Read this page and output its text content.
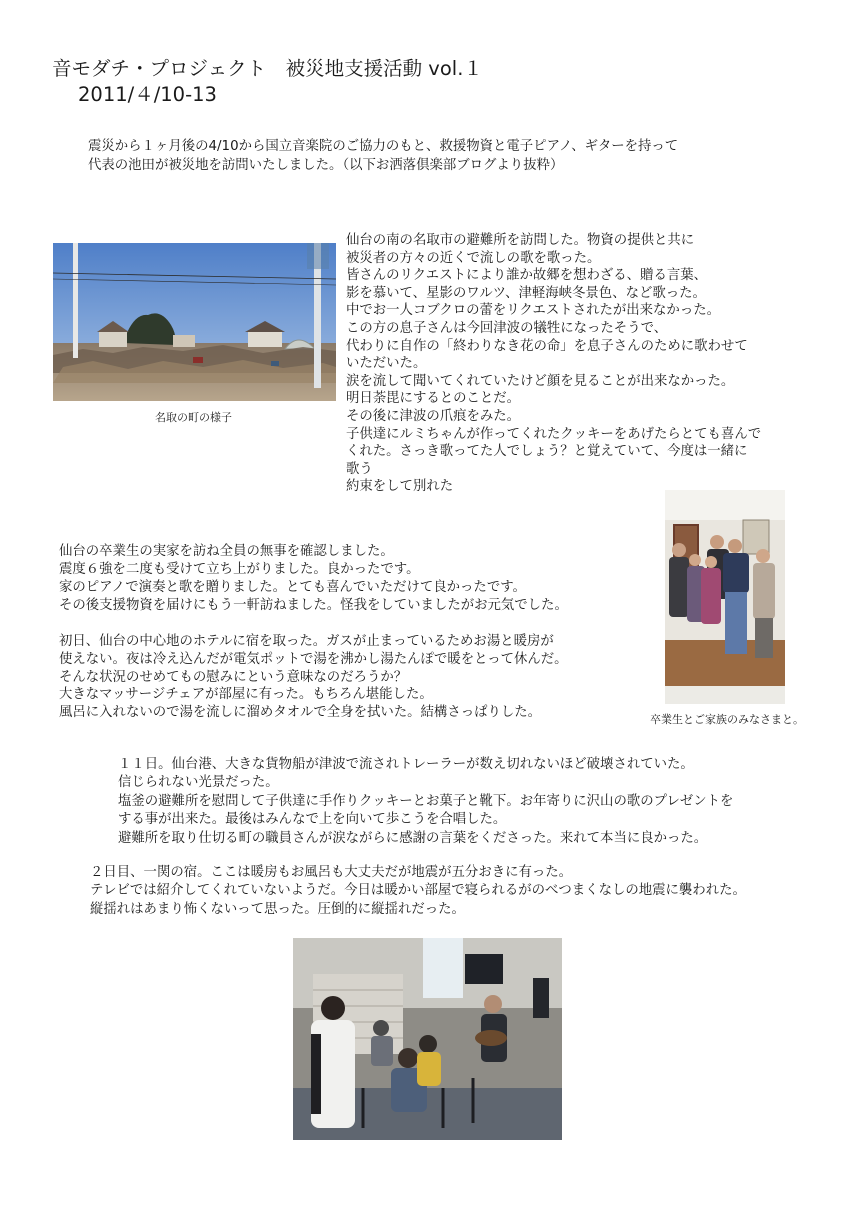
音モダチ・プロジェクト　被災地支援活動 vol.１
2011/４/10-13
震災から１ヶ月後の4/10から国立音楽院のご協力のもと、救援物資と電子ピアノ、ギターを持って
代表の池田が被災地を訪問いたしました。（以下お洒落倶楽部ブログより抜粋）
名取の町の様子
仙台の南の名取市の避難所を訪問した。物資の提供と共に
被災者の方々の近くで流しの歌を歌った。
皆さんのリクエストにより誰か故郷を想わざる、贈る言葉、
影を慕いて、星影のワルツ、津軽海峡冬景色、など歌った。
中でお一人コブクロの蕾をリクエストされたが出来なかった。
この方の息子さんは今回津波の犠牲になったそうで、
代わりに自作の「終わりなき花の命」を息子さんのために歌わせて
いただいた。
涙を流して聞いてくれていたけど顔を見ることが出来なかった。
明日荼毘にするとのことだ。
その後に津波の爪痕をみた。
子供達にルミちゃんが作ってくれたクッキーをあげたらとても喜んで
くれた。さっき歌ってた人でしょう？と覚えていて、今度は一緒に
歌う
約束をして別れた
卒業生とご家族のみなさまと。
仙台の卒業生の実家を訪ね全員の無事を確認しました。
震度６強を二度も受けて立ち上がりました。良かったです。
家のピアノで演奏と歌を贈りました。とても喜んでいただけて良かったです。
その後支援物資を届けにもう一軒訪ねました。怪我をしていましたがお元気でした。
初日、仙台の中心地のホテルに宿を取った。ガスが止まっているためお湯と暖房が
使えない。夜は冷え込んだが電気ポットで湯を沸かし湯たんぽで暖をとって休んだ。
そんな状況のせめてもの慰みにという意味なのだろうか？
大きなマッサージチェアが部屋に有った。もちろん堪能した。
風呂に入れないので湯を流しに溜めタオルで全身を拭いた。結構さっぱりした。
１１日。仙台港、大きな貨物船が津波で流されトレーラーが数え切れないほど破壊されていた。
信じられない光景だった。
塩釜の避難所を慰問して子供達に手作りクッキーとお菓子と靴下。お年寄りに沢山の歌のプレゼントを
する事が出来た。最後はみんなで上を向いて歩こうを合唱した。
避難所を取り仕切る町の職員さんが涙ながらに感謝の言葉をくださった。来れて本当に良かった。
２日目、一関の宿。ここは暖房もお風呂も大丈夫だが地震が五分おきに有った。
テレビでは紹介してくれていないようだ。今日は暖かい部屋で寝られるがのべつまくなしの地震に襲われた。
縦揺れはあまり怖くないって思った。圧倒的に縦揺れだった。
